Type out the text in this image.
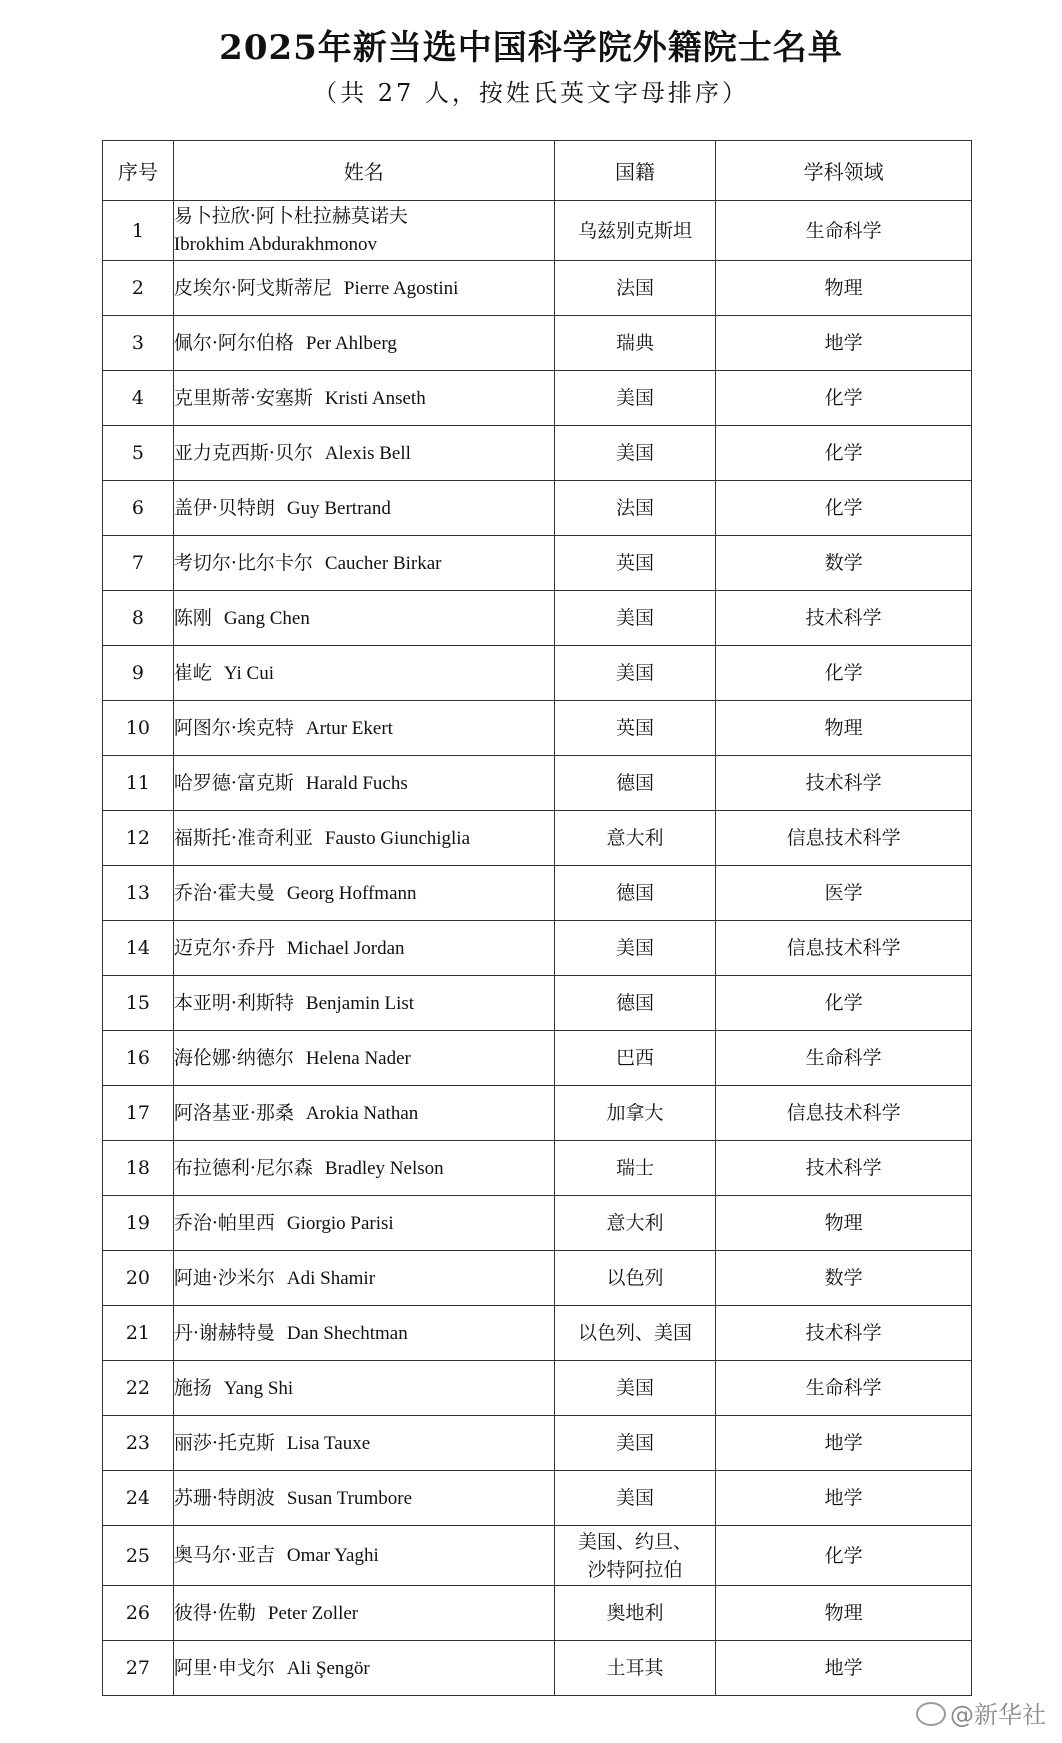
2025年新当选中国科学院外籍院士名单
（共 27 人，按姓氏英文字母排序）
序号	姓名	国籍	学科领域
1	易卜拉欣·阿卜杜拉赫莫诺夫
Ibrokhim Abdurakhmonov	乌兹别克斯坦	生命科学
2	皮埃尔·阿戈斯蒂尼 Pierre Agostini	法国	物理
3	佩尔·阿尔伯格 Per Ahlberg	瑞典	地学
4	克里斯蒂·安塞斯 Kristi Anseth	美国	化学
5	亚力克西斯·贝尔 Alexis Bell	美国	化学
6	盖伊·贝特朗 Guy Bertrand	法国	化学
7	考切尔·比尔卡尔 Caucher Birkar	英国	数学
8	陈刚 Gang Chen	美国	技术科学
9	崔屹 Yi Cui	美国	化学
10	阿图尔·埃克特 Artur Ekert	英国	物理
11	哈罗德·富克斯 Harald Fuchs	德国	技术科学
12	福斯托·准奇利亚 Fausto Giunchiglia	意大利	信息技术科学
13	乔治·霍夫曼 Georg Hoffmann	德国	医学
14	迈克尔·乔丹 Michael Jordan	美国	信息技术科学
15	本亚明·利斯特 Benjamin List	德国	化学
16	海伦娜·纳德尔 Helena Nader	巴西	生命科学
17	阿洛基亚·那桑 Arokia Nathan	加拿大	信息技术科学
18	布拉德利·尼尔森 Bradley Nelson	瑞士	技术科学
19	乔治·帕里西 Giorgio Parisi	意大利	物理
20	阿迪·沙米尔 Adi Shamir	以色列	数学
21	丹·谢赫特曼 Dan Shechtman	以色列、美国	技术科学
22	施扬 Yang Shi	美国	生命科学
23	丽莎·托克斯 Lisa Tauxe	美国	地学
24	苏珊·特朗波 Susan Trumbore	美国	地学
25	奥马尔·亚吉 Omar Yaghi	美国、约旦、
沙特阿拉伯	化学
26	彼得·佐勒 Peter Zoller	奥地利	物理
27	阿里·申戈尔 Ali Şengör	土耳其	地学
@新华社
